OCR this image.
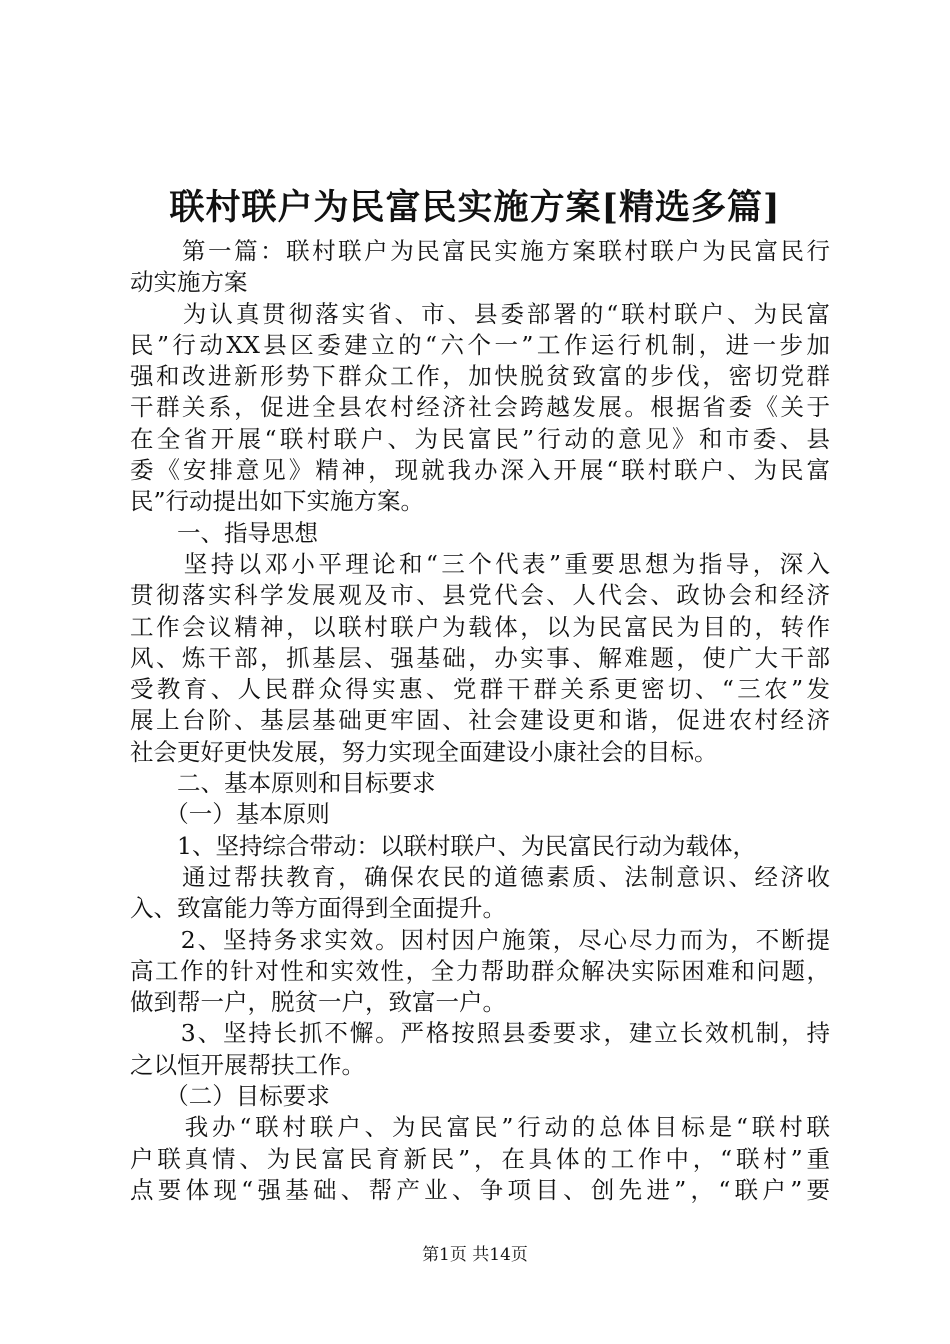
联村联户为民富民实施方案[精选多篇]
　　第一篇：联村联户为民富民实施方案联村联户为民富民行
动实施方案
　　为认真贯彻落实省、市、县委部署的“联村联户、为民富
民”行动XX县区委建立的“六个一”工作运行机制，进一步加
强和改进新形势下群众工作，加快脱贫致富的步伐，密切党群
干群关系，促进全县农村经济社会跨越发展。根据省委《关于
在全省开展“联村联户、为民富民”行动的意见》和市委、县
委《安排意见》精神，现就我办深入开展“联村联户、为民富
民”行动提出如下实施方案。
　　一、指导思想
　　坚持以邓小平理论和“三个代表”重要思想为指导，深入
贯彻落实科学发展观及市、县党代会、人代会、政协会和经济
工作会议精神，以联村联户为载体，以为民富民为目的，转作
风、炼干部，抓基层、强基础，办实事、解难题，使广大干部
受教育、人民群众得实惠、党群干群关系更密切、“三农”发
展上台阶、基层基础更牢固、社会建设更和谐，促进农村经济
社会更好更快发展，努力实现全面建设小康社会的目标。
　　二、基本原则和目标要求
　　（一）基本原则
　　1、坚持综合带动：以联村联户、为民富民行动为载体，
　　通过帮扶教育，确保农民的道德素质、法制意识、经济收
入、致富能力等方面得到全面提升。
　　2、坚持务求实效。因村因户施策，尽心尽力而为，不断提
高工作的针对性和实效性，全力帮助群众解决实际困难和问题，
做到帮一户，脱贫一户，致富一户。
　　3、坚持长抓不懈。严格按照县委要求，建立长效机制，持
之以恒开展帮扶工作。
　　（二）目标要求
　　我办“联村联户、为民富民”行动的总体目标是“联村联
户联真情、为民富民育新民”，在具体的工作中，“联村”重
点要体现“强基础、帮产业、争项目、创先进”，“联户”要
第1页 共14页
